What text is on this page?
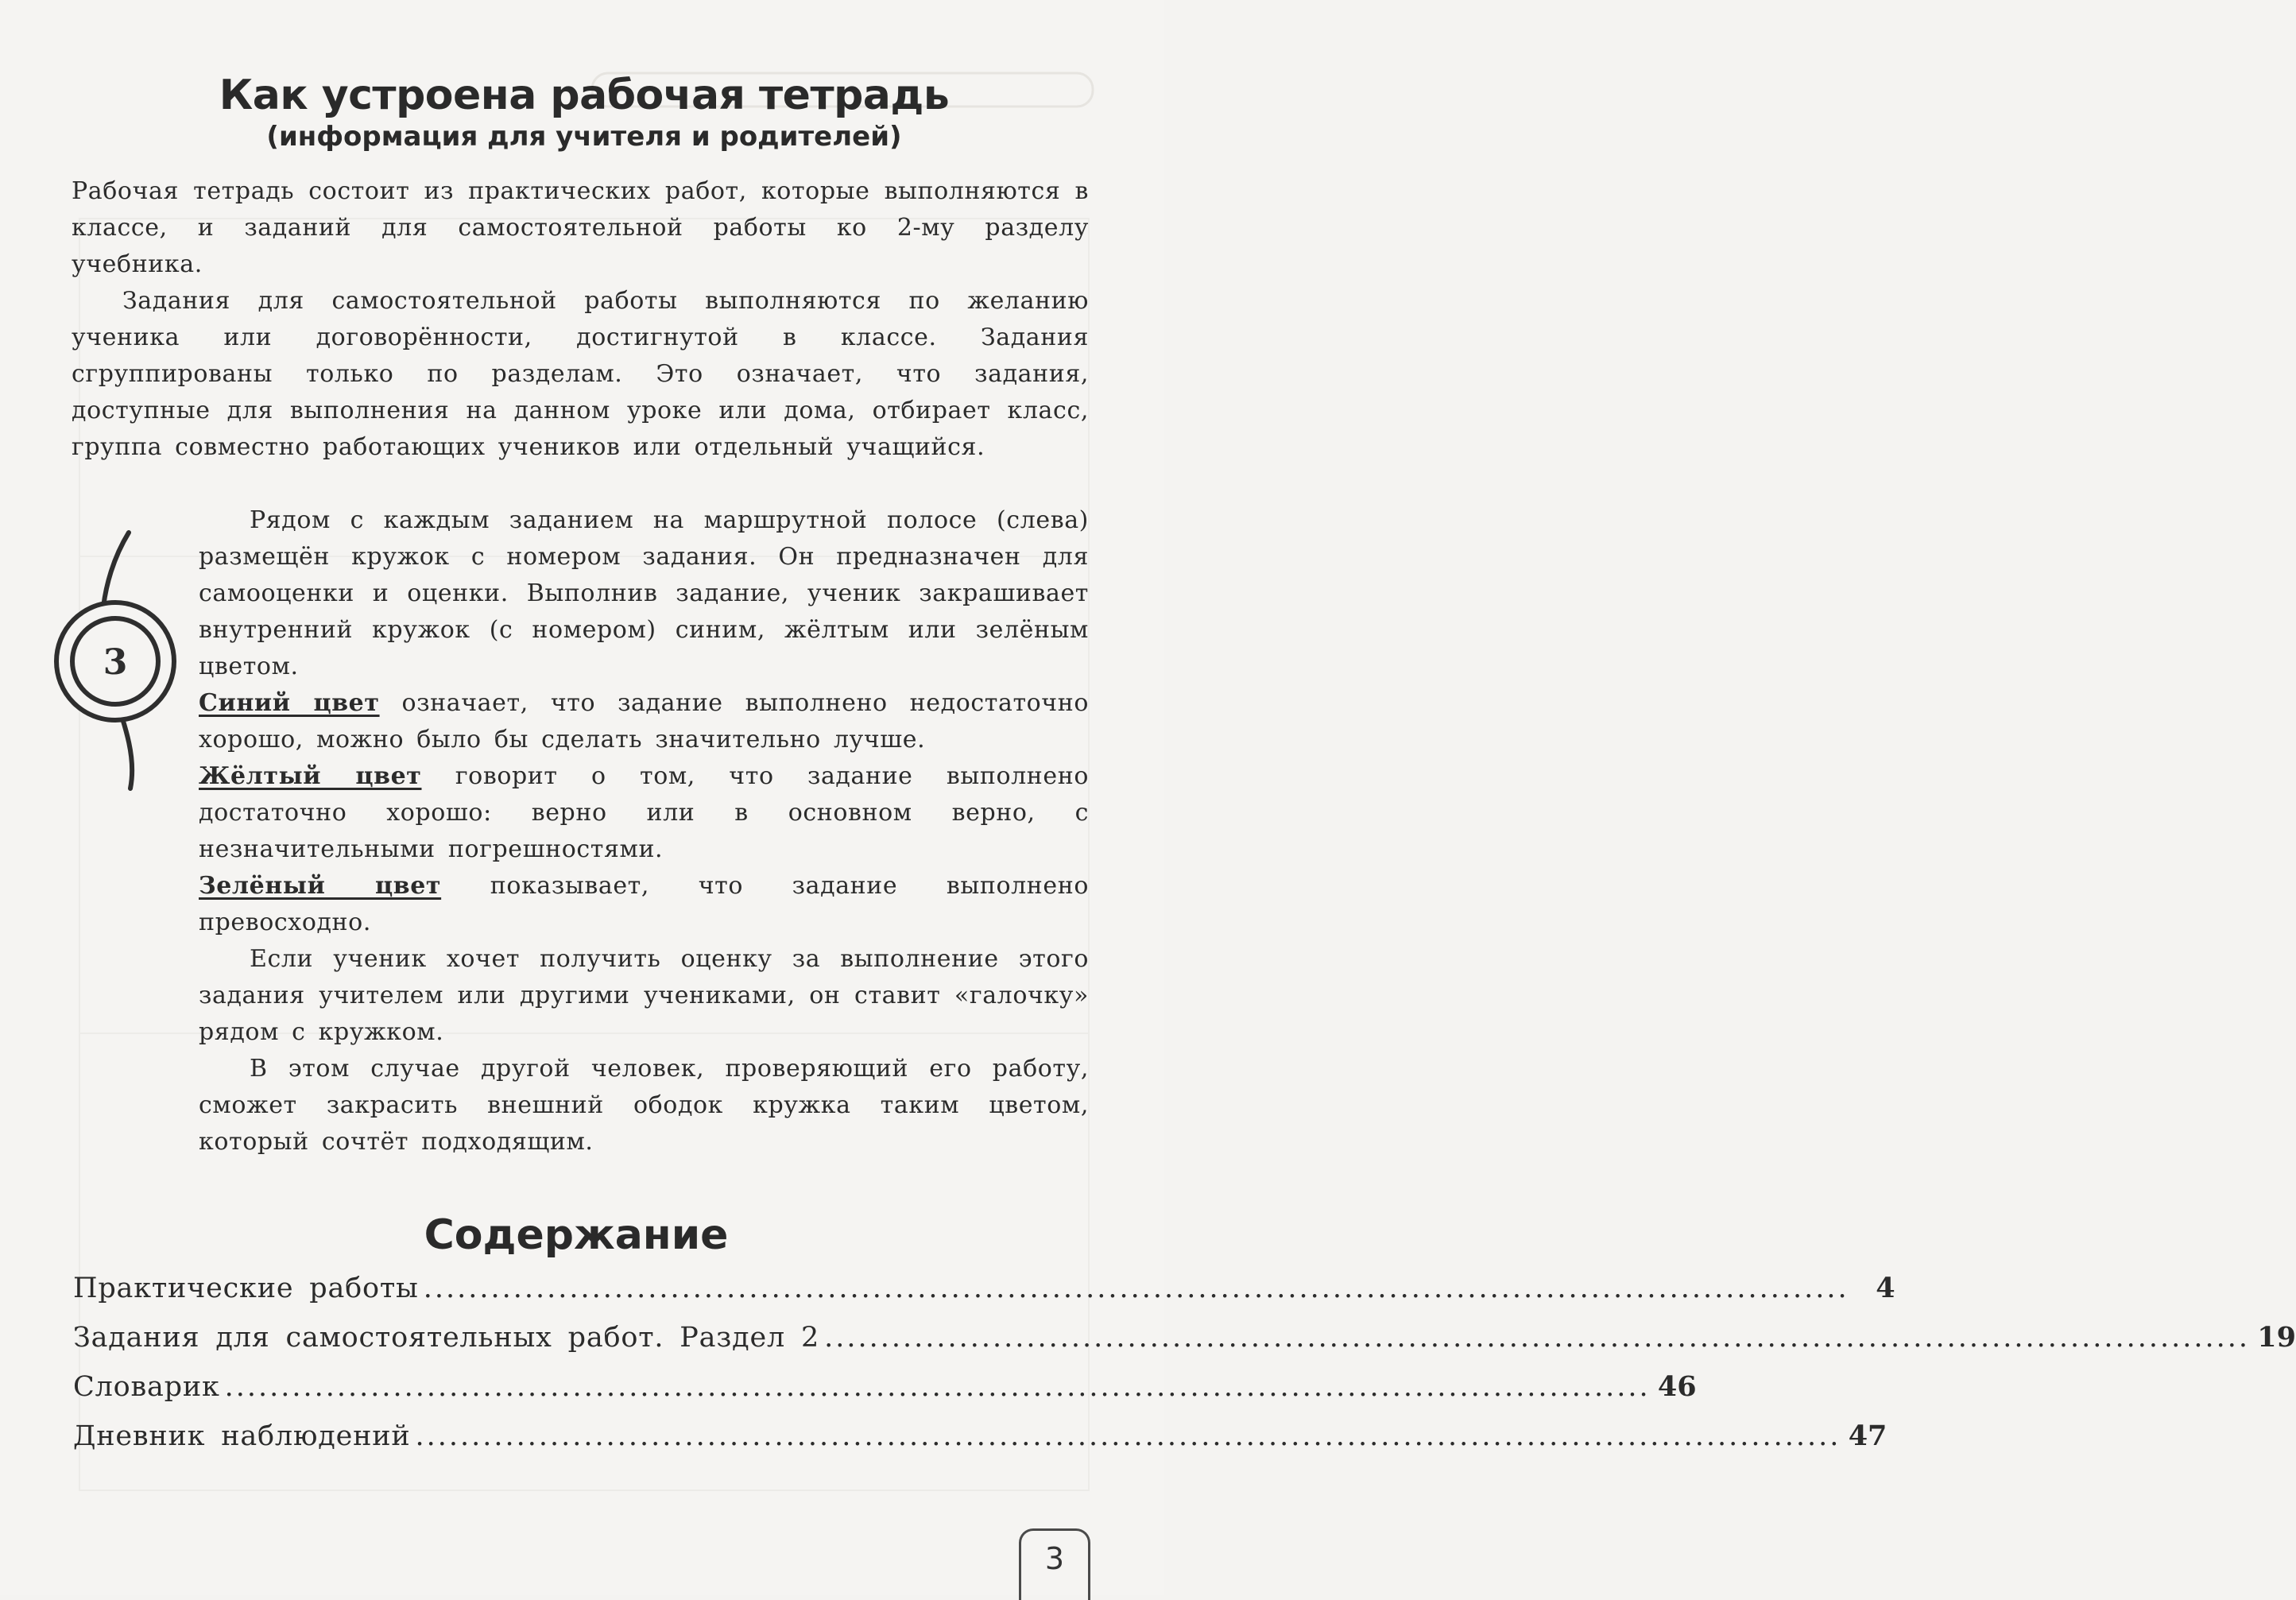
Как устроена рабочая тетрадь
(информация для учителя и родителей)

Рабочая тетрадь состоит из практических работ, которые выполняются в классе, и заданий для самостоятельной работы ко 2-му разделу учебника.

Задания для самостоятельной работы выполняются по желанию ученика или договорённости, достигнутой в классе. Задания сгруппированы только по разделам. Это означает, что задания, доступные для выполнения на данном уроке или дома, отбирает класс, группа совместно работающих учеников или отдельный учащийся.

3

Рядом с каждым заданием на маршрутной полосе (слева) размещён кружок с номером задания. Он предназначен для самооценки и оценки. Выполнив задание, ученик закрашивает внутренний кружок (с номером) синим, жёлтым или зелёным цветом.

Синий цвет означает, что задание выполнено недостаточно хорошо, можно было бы сделать значительно лучше.

Жёлтый цвет говорит о том, что задание выполнено достаточно хорошо: верно или в основном верно, с незначительными погрешностями.

Зелёный цвет показывает, что задание выполнено превосходно.

Если ученик хочет получить оценку за выполнение этого задания учителем или другими учениками, он ставит «галочку» рядом с кружком.

В этом случае другой человек, проверяющий его работу, сможет закрасить внешний ободок кружка таким цветом, который сочтёт подходящим.

Содержание
Практические работы ............................................................................................................................... 4
Задания для самостоятельных работ. Раздел 2 ............................................................................................................................... 19
Словарик ............................................................................................................................... 46
Дневник наблюдений ............................................................................................................................... 47
3
